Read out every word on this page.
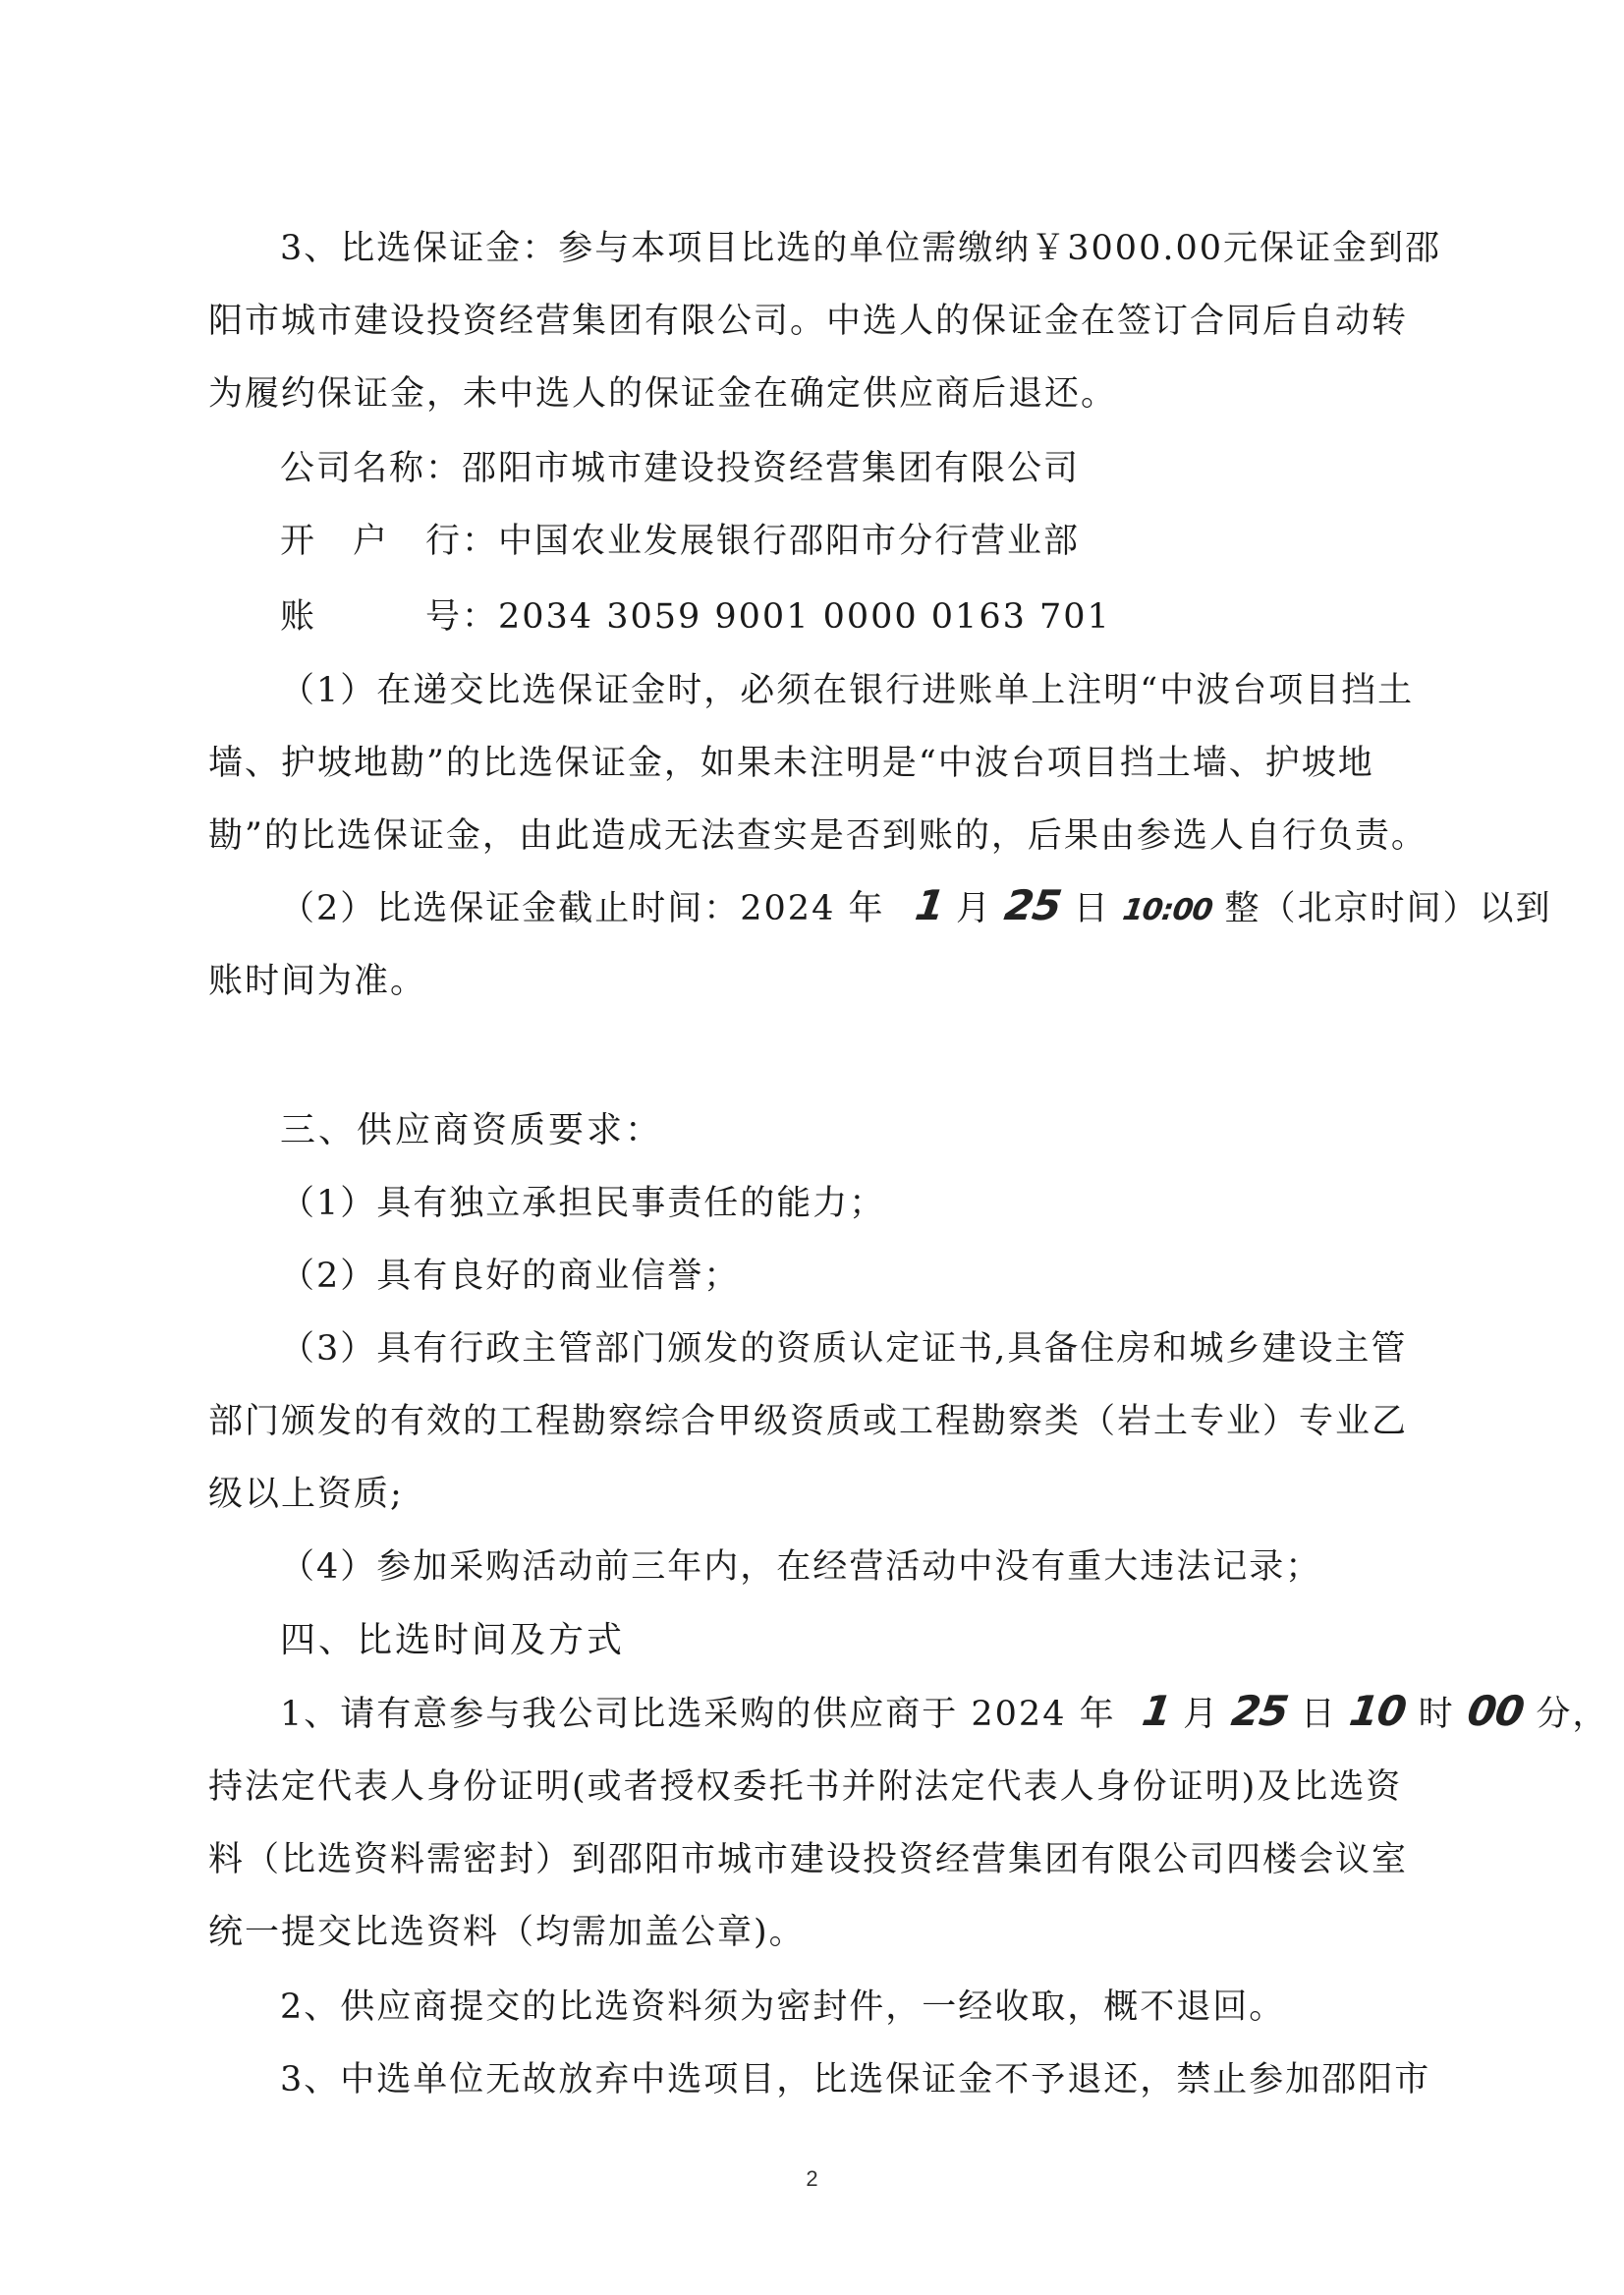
3、比选保证金：参与本项目比选的单位需缴纳￥3000.00元保证金到邵
阳市城市建设投资经营集团有限公司。中选人的保证金在签订合同后自动转
为履约保证金，未中选人的保证金在确定供应商后退还。
公司名称：邵阳市城市建设投资经营集团有限公司
开　户　行：中国农业发展银行邵阳市分行营业部
账　　　号：2034 3059 9001 0000 0163 701
（1）在递交比选保证金时，必须在银行进账单上注明“中波台项目挡土
墙、护坡地勘”的比选保证金，如果未注明是“中波台项目挡土墙、护坡地
勘”的比选保证金，由此造成无法查实是否到账的，后果由参选人自行负责。
（2）比选保证金截止时间：2024 年 1 月 25 日 10:00 整（北京时间）以到
账时间为准。
三、供应商资质要求：
（1）具有独立承担民事责任的能力；
（2）具有良好的商业信誉；
（3）具有行政主管部门颁发的资质认定证书,具备住房和城乡建设主管
部门颁发的有效的工程勘察综合甲级资质或工程勘察类（岩土专业）专业乙
级以上资质;
（4）参加采购活动前三年内，在经营活动中没有重大违法记录；
四、比选时间及方式
1、请有意参与我公司比选采购的供应商于 2024 年 1 月 25 日 10 时 00 分，
持法定代表人身份证明(或者授权委托书并附法定代表人身份证明)及比选资
料（比选资料需密封）到邵阳市城市建设投资经营集团有限公司四楼会议室
统一提交比选资料（均需加盖公章)。
2、供应商提交的比选资料须为密封件，一经收取，概不退回。
3、中选单位无故放弃中选项目，比选保证金不予退还，禁止参加邵阳市
2
